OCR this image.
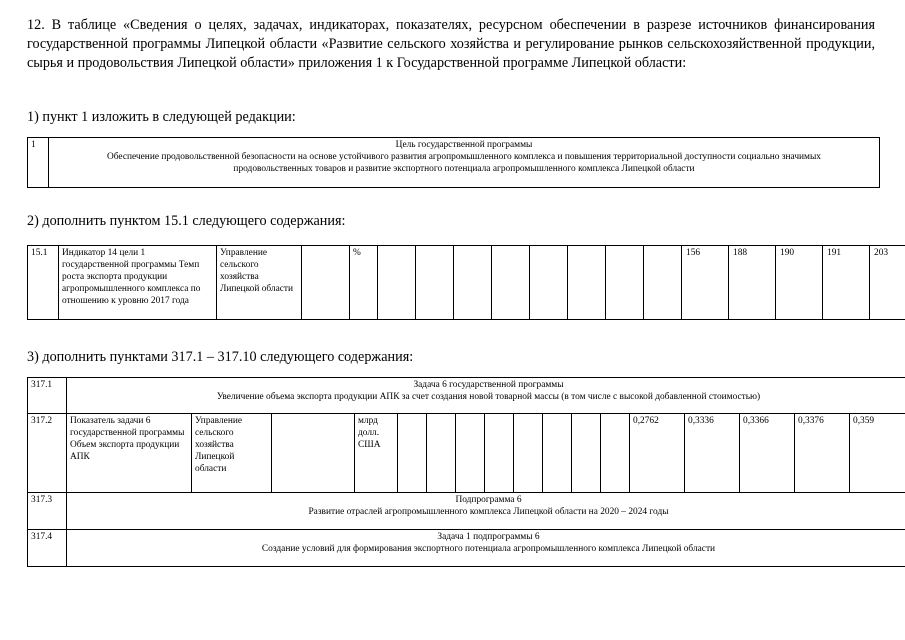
12. В таблице «Сведения о целях, задачах, индикаторах, показателях, ресурсном обеспечении в разрезе источников финансирования государственной программы Липецкой области «Развитие сельского хозяйства и регулирование рынков сельскохозяйственной продукции, сырья и продовольствия Липецкой области» приложения 1 к Государственной программе Липецкой области:

1) пункт 1 изложить в следующей редакции:

1	Цель государственной программы
Обеспечение продовольственной безопасности на основе устойчивого развития агропромышленного комплекса и повышения территориальной доступности социально значимых продовольственных товаров и развитие экспортного потенциала агропромышленного комплекса Липецкой области

2) дополнить пунктом 15.1 следующего содержания:

15.1	Индикатор 14 цели 1 государственной программы Темп роста экспорта продукции агропромышленного комплекса по отношению к уровню 2017 года	Управление сельского хозяйства Липецкой области		%									156	188	190	191	203

3) дополнить пунктами 317.1 – 317.10 следующего содержания:

317.1	Задача 6 государственной программы
Увеличение объема экспорта продукции АПК за счет создания новой товарной массы (в том числе с высокой добавленной стоимостью)																

317.2	Показатель задачи 6 государственной программы Объем экспорта продукции АПК	Управление сельского хозяйства Липецкой области		млрд долл. США									0,2762	0,3336	0,3366	0,3376	0,359
317.3	Подпрограмма 6
Развитие отраслей агропромышленного комплекса Липецкой области на 2020 – 2024 годы																

317.4	Задача 1 подпрограммы 6
Создание условий для формирования экспортного потенциала агропромышленного комплекса Липецкой области																
